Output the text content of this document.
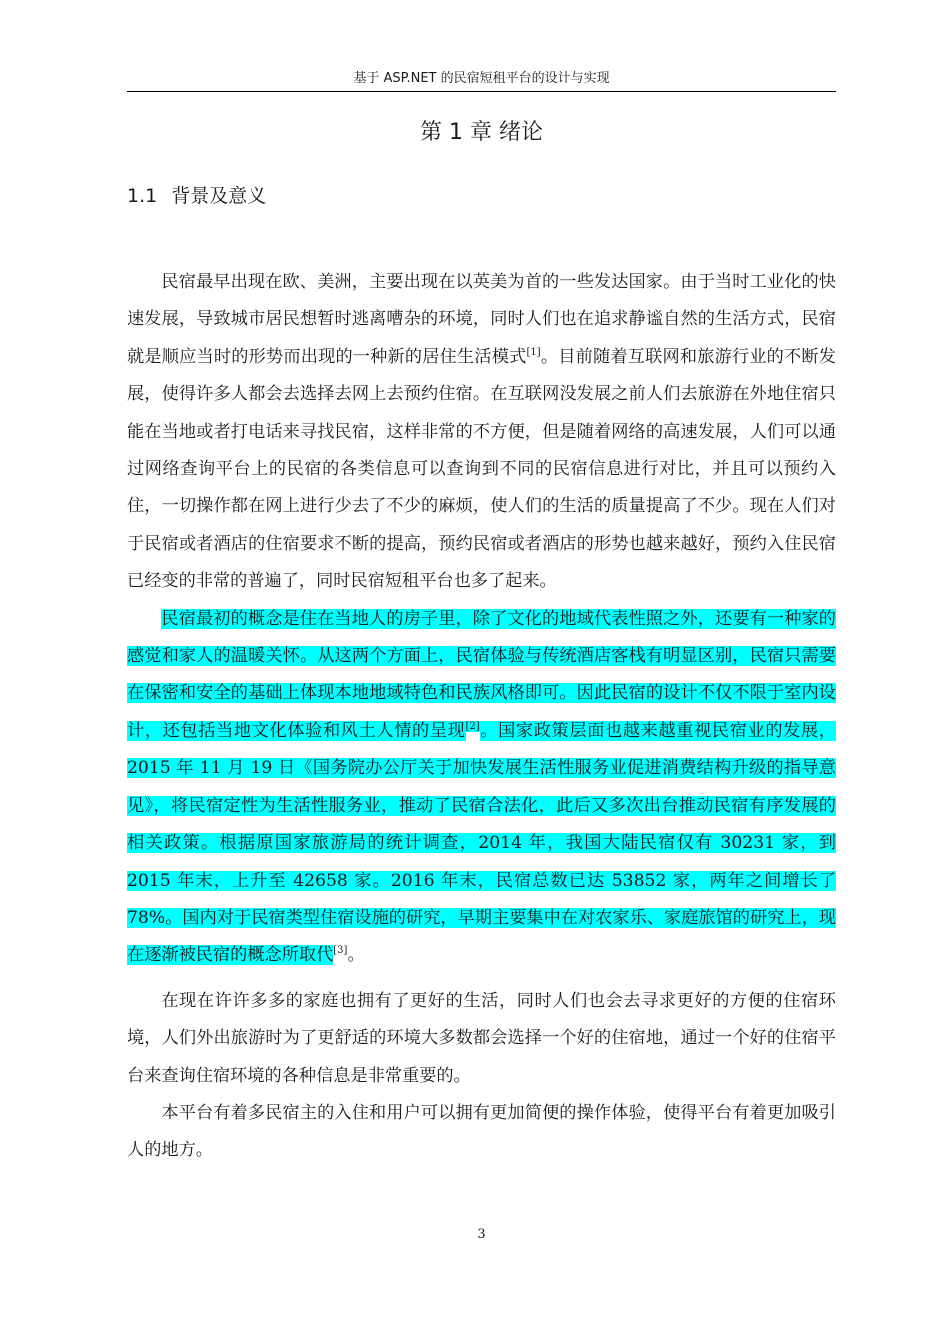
基于 ASP.NET 的民宿短租平台的设计与实现
第 1 章 绪论
1.1 背景及意义

民宿最早出现在欧、美洲，主要出现在以英美为首的一些发达国家。由于当时工业化的快速发展，导致城市居民想暂时逃离嘈杂的环境，同时人们也在追求静谧自然的生活方式，民宿就是顺应当时的形势而出现的一种新的居住生活模式[1]。目前随着互联网和旅游行业的不断发展，使得许多人都会去选择去网上去预约住宿。在互联网没发展之前人们去旅游在外地住宿只能在当地或者打电话来寻找民宿，这样非常的不方便，但是随着网络的高速发展，人们可以通过网络查询平台上的民宿的各类信息可以查询到不同的民宿信息进行对比，并且可以预约入住，一切操作都在网上进行少去了不少的麻烦，使人们的生活的质量提高了不少。现在人们对于民宿或者酒店的住宿要求不断的提高，预约民宿或者酒店的形势也越来越好，预约入住民宿已经变的非常的普遍了，同时民宿短租平台也多了起来。

民宿最初的概念是住在当地人的房子里，除了文化的地域代表性照之外，还要有一种家的感觉和家人的温暖关怀。从这两个方面上，民宿体验与传统酒店客栈有明显区别，民宿只需要在保密和安全的基础上体现本地地域特色和民族风格即可。因此民宿的设计不仅不限于室内设计，还包括当地文化体验和风土人情的呈现[2]。国家政策层面也越来越重视民宿业的发展，2015 年 11 月 19 日《国务院办公厅关于加快发展生活性服务业促进消费结构升级的指导意见》，将民宿定性为生活性服务业，推动了民宿合法化，此后又多次出台推动民宿有序发展的相关政策。根据原国家旅游局的统计调查，2014 年，我国大陆民宿仅有 30231 家，到 2015 年末，上升至 42658 家。2016 年末，民宿总数已达 53852 家，两年之间增长了 78%。国内对于民宿类型住宿设施的研究，早期主要集中在对农家乐、家庭旅馆的研究上，现在逐渐被民宿的概念所取代[3]。

在现在许许多多的家庭也拥有了更好的生活，同时人们也会去寻求更好的方便的住宿环境，人们外出旅游时为了更舒适的环境大多数都会选择一个好的住宿地，通过一个好的住宿平台来查询住宿环境的各种信息是非常重要的。

本平台有着多民宿主的入住和用户可以拥有更加简便的操作体验，使得平台有着更加吸引人的地方。

3
